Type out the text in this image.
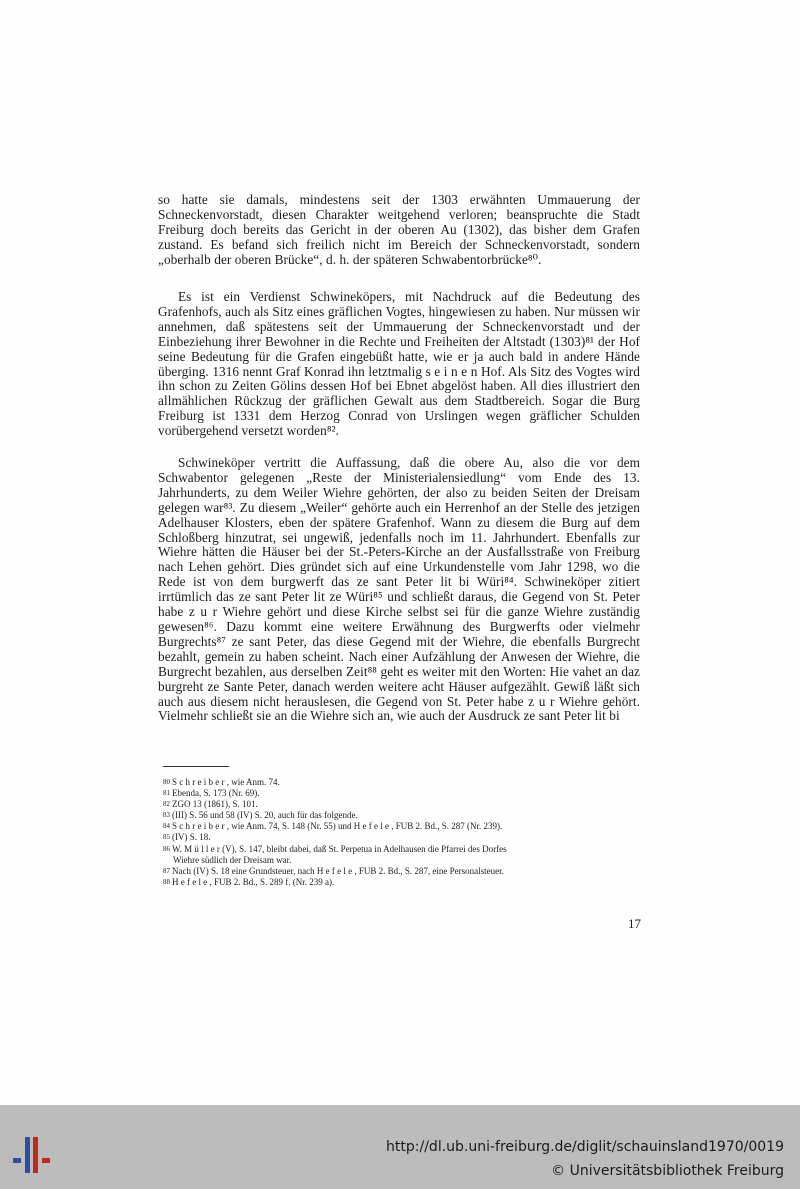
so hatte sie damals, mindestens seit der 1303 erwähnten Ummauerung der Schneckenvorstadt, diesen Charakter weitgehend verloren; beanspruchte die Stadt Freiburg doch bereits das Gericht in der oberen Au (1302), das bisher dem Grafen zustand. Es befand sich freilich nicht im Bereich der Schneckenvorstadt, sondern „oberhalb der oberen Brücke“, d. h. der späteren Schwabentorbrücke⁸⁰.

Es ist ein Verdienst Schwineköpers, mit Nachdruck auf die Bedeutung des Grafenhofs, auch als Sitz eines gräflichen Vogtes, hingewiesen zu haben. Nur müssen wir annehmen, daß spätestens seit der Ummauerung der Schneckenvorstadt und der Einbeziehung ihrer Bewohner in die Rechte und Freiheiten der Altstadt (1303)⁸¹ der Hof seine Bedeutung für die Grafen eingebüßt hatte, wie er ja auch bald in andere Hände überging. 1316 nennt Graf Konrad ihn letztmalig s e i n e n Hof. Als Sitz des Vogtes wird ihn schon zu Zeiten Gölins dessen Hof bei Ebnet abgelöst haben. All dies illustriert den allmählichen Rückzug der gräflichen Gewalt aus dem Stadtbereich. Sogar die Burg Freiburg ist 1331 dem Herzog Conrad von Urslingen wegen gräflicher Schulden vorübergehend versetzt worden⁸².

Schwineköper vertritt die Auffassung, daß die obere Au, also die vor dem Schwabentor gelegenen „Reste der Ministerialensiedlung“ vom Ende des 13. Jahrhunderts, zu dem Weiler Wiehre gehörten, der also zu beiden Seiten der Dreisam gelegen war⁸³. Zu diesem „Weiler“ gehörte auch ein Herrenhof an der Stelle des jetzigen Adelhauser Klosters, eben der spätere Grafenhof. Wann zu diesem die Burg auf dem Schloßberg hinzutrat, sei ungewiß, jedenfalls noch im 11. Jahrhundert. Ebenfalls zur Wiehre hätten die Häuser bei der St.-Peters-Kirche an der Ausfallsstraße von Freiburg nach Lehen gehört. Dies gründet sich auf eine Urkundenstelle vom Jahr 1298, wo die Rede ist von dem burgwerft das ze sant Peter lit bi Würi⁸⁴. Schwineköper zitiert irrtümlich das ze sant Peter lit ze Würi⁸⁵ und schließt daraus, die Gegend von St. Peter habe z u r Wiehre gehört und diese Kirche selbst sei für die ganze Wiehre zuständig gewesen⁸⁶. Dazu kommt eine weitere Erwähnung des Burgwerfts oder vielmehr Burgrechts⁸⁷ ze sant Peter, das diese Gegend mit der Wiehre, die ebenfalls Burgrecht bezahlt, gemein zu haben scheint. Nach einer Aufzählung der Anwesen der Wiehre, die Burgrecht bezahlen, aus derselben Zeit⁸⁸ geht es weiter mit den Worten: Hie vahet an daz burgreht ze Sante Peter, danach werden weitere acht Häuser aufgezählt. Gewiß läßt sich auch aus diesem nicht herauslesen, die Gegend von St. Peter habe z u r Wiehre gehört. Vielmehr schließt sie an die Wiehre sich an, wie auch der Ausdruck ze sant Peter lit bi

80 S c h r e i b e r , wie Anm. 74.

81 Ebenda, S. 173 (Nr. 69).

82 ZGO 13 (1861), S. 101.

83 (III) S. 56 und 58 (IV) S. 20, auch für das folgende.

84 S c h r e i b e r , wie Anm. 74, S. 148 (Nr. 55) und H e f e l e , FUB 2. Bd., S. 287 (Nr. 239).

85 (IV) S. 18.

86 W. M ü l l e r (V), S. 147, bleibt dabei, daß St. Perpetua in Adelhausen die Pfarrei des Dorfes
Wiehre südlich der Dreisam war.

87 Nach (IV) S. 18 eine Grundsteuer, nach H e f e l e , FUB 2. Bd., S. 287, eine Personalsteuer.

88 H e f e l e , FUB 2. Bd., S. 289 f. (Nr. 239 a).

17
http://dl.ub.uni-freiburg.de/diglit/schauinsland1970/0019
© Universitätsbibliothek Freiburg
